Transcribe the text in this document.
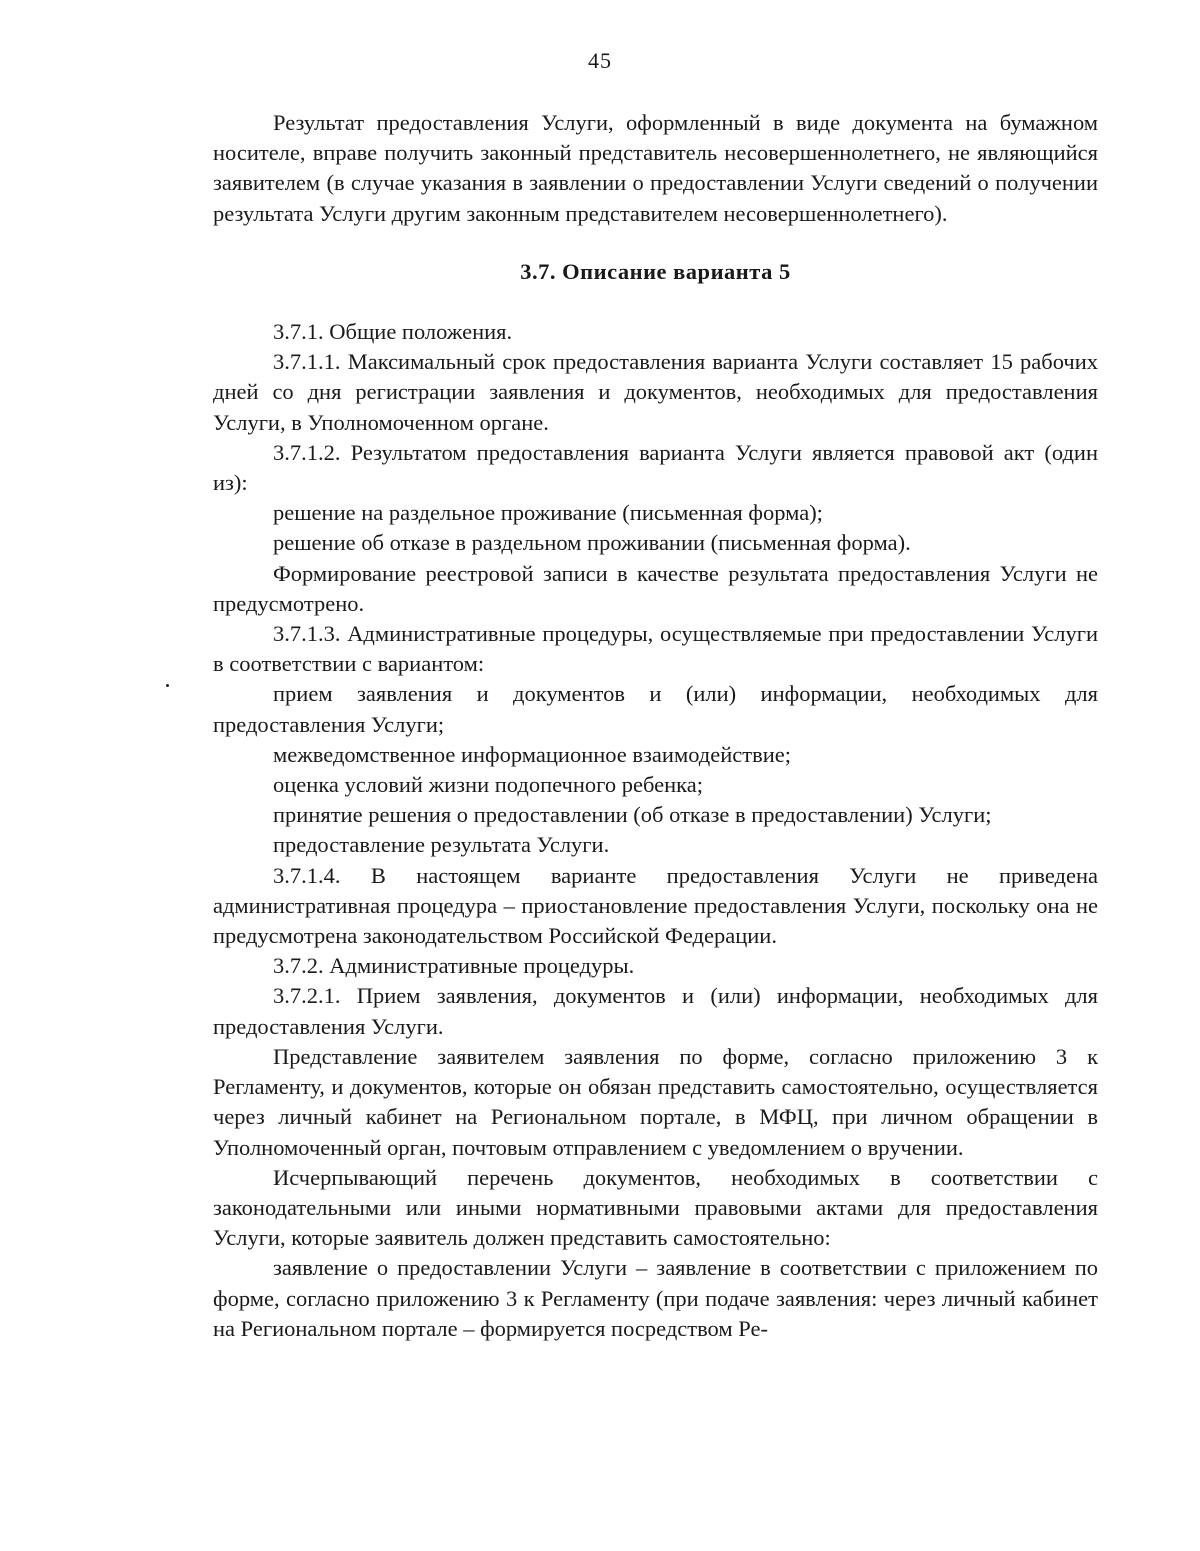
45

Результат предоставления Услуги, оформленный в виде документа на бумажном носителе, вправе получить законный представитель несовершеннолетнего, не являющийся заявителем (в случае указания в заявлении о предоставлении Услуги сведений о получении результата Услуги другим законным представителем несовершеннолетнего).

3.7. Описание варианта 5

3.7.1. Общие положения.

3.7.1.1. Максимальный срок предоставления варианта Услуги составляет 15 рабочих дней со дня регистрации заявления и документов, необходимых для предоставления Услуги, в Уполномоченном органе.

3.7.1.2. Результатом предоставления варианта Услуги является правовой акт (один из):

решение на раздельное проживание (письменная форма);

решение об отказе в раздельном проживании (письменная форма).

Формирование реестровой записи в качестве результата предоставления Услуги не предусмотрено.

3.7.1.3. Административные процедуры, осуществляемые при предоставлении Услуги в соответствии с вариантом:

прием заявления и документов и (или) информации, необходимых для предоставления Услуги;

межведомственное информационное взаимодействие;

оценка условий жизни подопечного ребенка;

принятие решения о предоставлении (об отказе в предоставлении) Услуги;

предоставление результата Услуги.

3.7.1.4. В настоящем варианте предоставления Услуги не приведена административная процедура – приостановление предоставления Услуги, поскольку она не предусмотрена законодательством Российской Федерации.

3.7.2. Административные процедуры.

3.7.2.1. Прием заявления, документов и (или) информации, необходимых для предоставления Услуги.

Представление заявителем заявления по форме, согласно приложению 3 к Регламенту, и документов, которые он обязан представить самостоятельно, осуществляется через личный кабинет на Региональном портале, в МФЦ, при личном обращении в Уполномоченный орган, почтовым отправлением с уведомлением о вручении.

Исчерпывающий перечень документов, необходимых в соответствии с законодательными или иными нормативными правовыми актами для предоставления Услуги, которые заявитель должен представить самостоятельно:

заявление о предоставлении Услуги – заявление в соответствии с приложением по форме, согласно приложению 3 к Регламенту (при подаче заявления: через личный кабинет на Региональном портале – формируется посредством Ре-
